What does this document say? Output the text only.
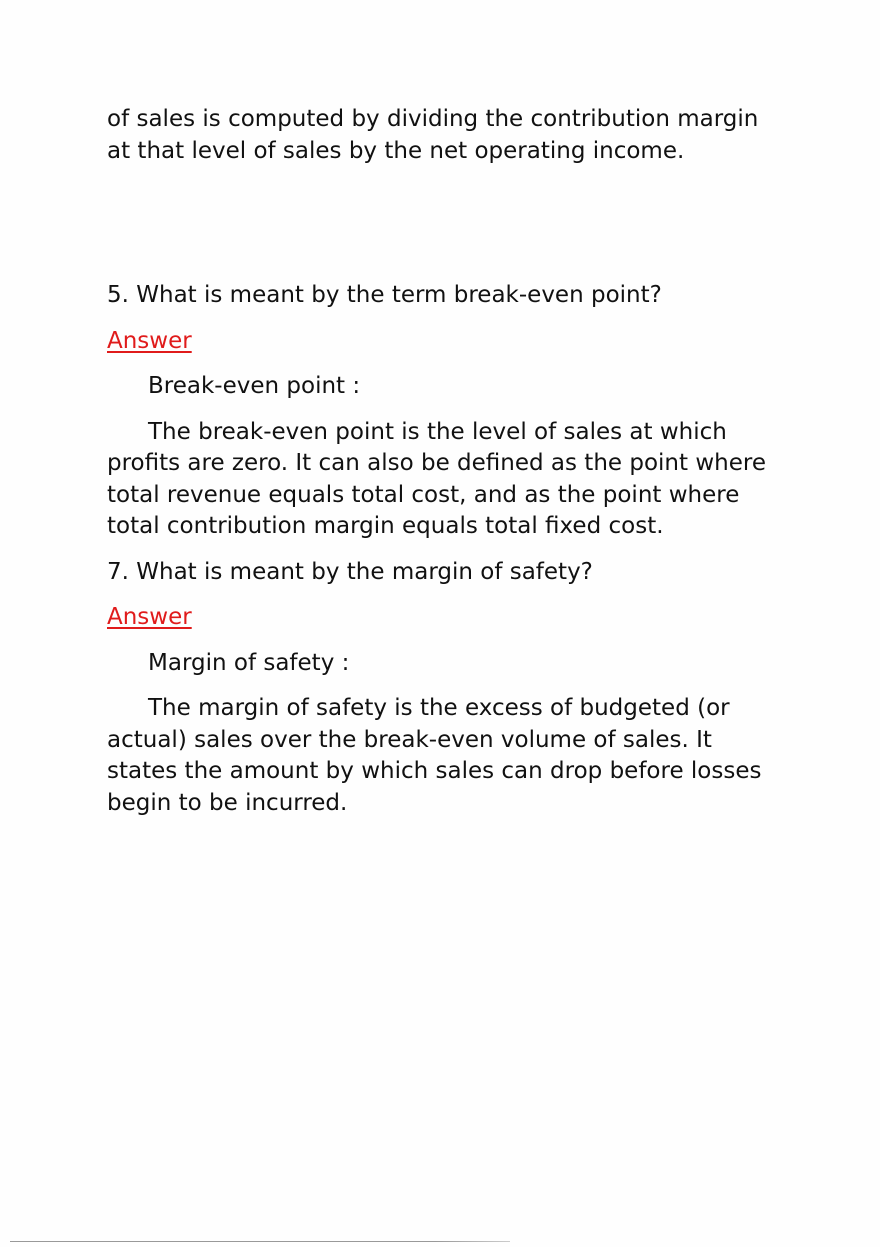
of sales is computed by dividing the contribution margin at that level of sales by the net operating income.

5. What is meant by the term break-even point?

Answer

Break-even point :

The break-even point is the level of sales at which profits are zero. It can also be defined as the point where total revenue equals total cost, and as the point where total contribution margin equals total fixed cost.

7. What is meant by the margin of safety?

Answer

Margin of safety :

The margin of safety is the excess of budgeted (or actual) sales over the break-even volume of sales. It states the amount by which sales can drop before losses begin to be incurred.
